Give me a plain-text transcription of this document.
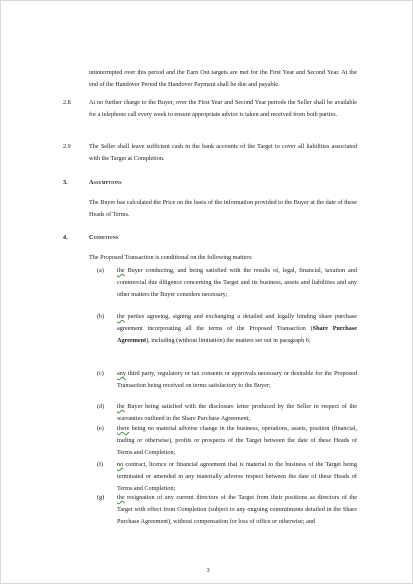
uninterrupted over this period and the Earn Out targets are met for the First Year and Second Year. At the end of the Handover Period the Handover Payment shall be due and payable.
2.8	At no further charge to the Buyer, over the First Year and Second Year periods the Seller shall be available for a telephone call every week to ensure appropriate advice is taken and received from both parties.
2.9	The Seller shall leave sufficient cash in the bank accounts of the Target to cover all liabilities associated with the Target at Completion.
3.	Assumptions
The Buyer has calculated the Price on the basis of the information provided to the Buyer at the date of these Heads of Terms.
4.	Conditions
The Proposed Transaction is conditional on the following matters:
(a) the Buyer conducting, and being satisfied with the results of, legal, financial, taxation and commercial due diligence concerning the Target and its business, assets and liabilities and any other matters the Buyer considers necessary;
(b) the parties agreeing, signing and exchanging a detailed and legally binding share purchase agreement incorporating all the terms of the Proposed Transaction (Share Purchase Agreement), including (without limitation) the matters set out in paragraph 6;
(c) any third party, regulatory or tax consents or approvals necessary or desirable for the Proposed Transaction being received on terms satisfactory to the Buyer;
(d) the Buyer being satisfied with the disclosure letter produced by the Seller in respect of the warranties outlined in the Share Purchase Agreement;
(e) there being no material adverse change in the business, operations, assets, position (financial, trading or otherwise), profits or prospects of the Target between the date of these Heads of Terms and Completion;
(f) no contract, licence or financial agreement that is material to the business of the Target being terminated or amended in any materially adverse respect between the date of these Heads of Terms and Completion;
(g) the resignation of any current directors of the Target from their positions as directors of the Target with effect from Completion (subject to any ongoing commitments detailed in the Share Purchase Agreement), without compensation for loss of office or otherwise; and
3
